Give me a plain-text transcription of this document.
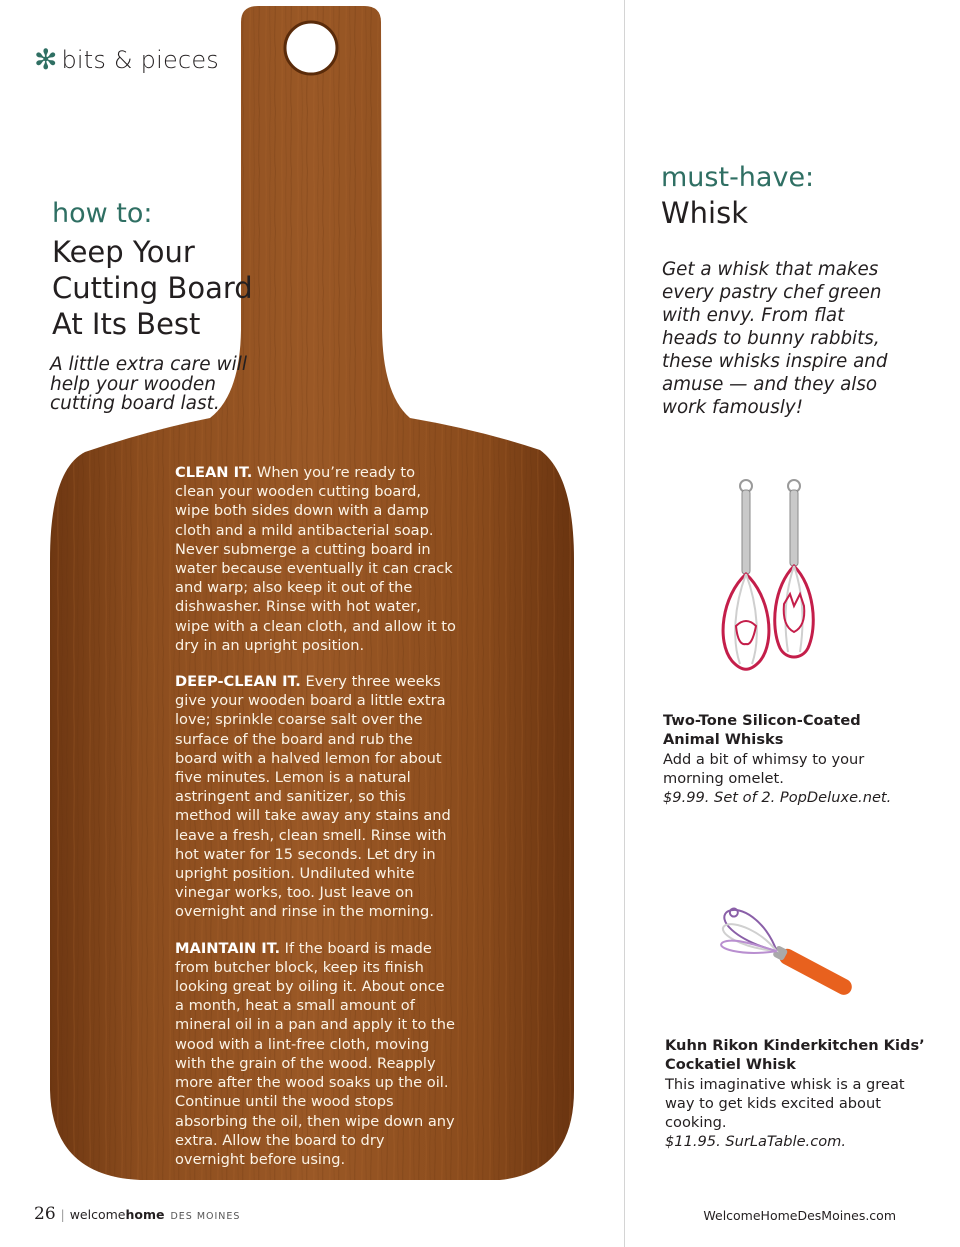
✻ bits & pieces
how to:
Keep Your
Cutting Board
At Its Best
A little extra care will help your wooden cutting board last.

CLEAN IT. When you’re ready to clean your wooden cutting board, wipe both sides down with a damp cloth and a mild antibacterial soap. Never submerge a cutting board in water because eventually it can crack and warp; also keep it out of the dishwasher. Rinse with hot water, wipe with a clean cloth, and allow it to dry in an upright position.

DEEP-CLEAN IT. Every three weeks give your wooden board a little extra love; sprinkle coarse salt over the surface of the board and rub the board with a halved lemon for about five minutes. Lemon is a natural astringent and sanitizer, so this method will take away any stains and leave a fresh, clean smell. Rinse with hot water for 15 seconds. Let dry in upright position. Undiluted white vinegar works, too. Just leave on overnight and rinse in the morning.

MAINTAIN IT. If the board is made from butcher block, keep its finish looking great by oiling it. About once a month, heat a small amount of mineral oil in a pan and apply it to the wood with a lint-free cloth, moving with the grain of the wood. Reapply more after the wood soaks up the oil. Continue until the wood stops absorbing the oil, then wipe down any extra. Allow the board to dry overnight before using.

must-have:
Whisk
Get a whisk that makes every pastry chef green with envy. From flat heads to bunny rabbits, these whisks inspire and amuse — and they also work famously!
Two-Tone Silicon-Coated
Animal Whisks
Add a bit of whimsy to your morning omelet.
$9.99. Set of 2. PopDeluxe.net.
Kuhn Rikon Kinderkitchen Kids’
Cockatiel Whisk
This imaginative whisk is a great way to get kids excited about cooking.
$11.95. SurLaTable.com.
26 | welcomehome DES MOINES	WelcomeHomeDesMoines.com
